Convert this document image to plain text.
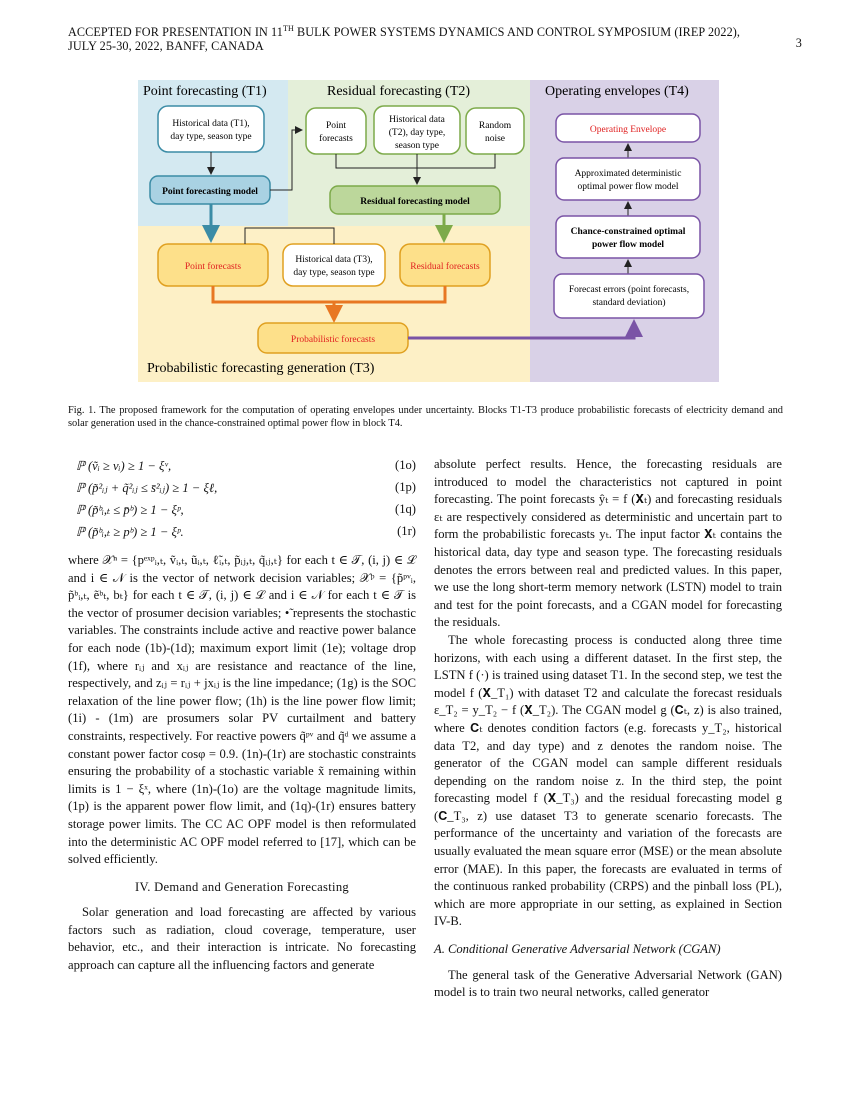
ACCEPTED FOR PRESENTATION IN 11TH BULK POWER SYSTEMS DYNAMICS AND CONTROL SYMPOSIUM (IREP 2022),
JULY 25-30, 2022, BANFF, CANADA	3
Point forecasting (T1)	Residual forecasting (T2)
Probabilistic forecasting generation (T3)
Operating envelopes (T4)
Historical data (T1),
day type, season type
Point forecasting model
Point
forecasts
Historical data
(T2), day type,
season type
Random
noise
Residual forecasting model
Point forecasts
Historical data (T3),
day type, season type
Residual forecasts
Probabilistic forecasts
Operating Envelope
Approximated deterministic
optimal power flow model
Chance-constrained optimal
power flow model
Forecast errors (point forecasts,
standard deviation)
Fig. 1. The proposed framework for the computation of operating envelopes under uncertainty. Blocks T1-T3 produce probabilistic forecasts of electricity demand and solar generation used in the chance-constrained optimal power flow in block T4.
ℙ (ṽᵢ ≥ vᵢ) ≥ 1 − ξᵛ,	(1o)
ℙ (p̃²ᵢⱼ + q̃²ᵢⱼ ≤ s̄²ᵢⱼ) ≥ 1 − ξℓ,	(1p)
ℙ (p̃ᵇᵢ,ₜ ≤ p̄ᵇ) ≥ 1 − ξᵖ,	(1q)
ℙ (p̃ᵇᵢ,ₜ ≥ pᵇ) ≥ 1 − ξᵖ.	(1r)

where 𝒳ⁿ = {pᵉˣᵖᵢ,ₜ, ṽᵢ,ₜ, ũᵢ,ₜ, ℓ̃ᵢ,ₜ, p̃ᵢⱼ,ₜ, q̃ᵢⱼ,ₜ} for each t ∈ 𝒯, (i, j) ∈ ℒ and i ∈ 𝒩 is the vector of network decision variables; 𝒳ᵖ = {p̃ᵖᵛᵢ, p̃ᵇᵢ,ₜ, ẽᵇₜ, bₜ} for each t ∈ 𝒯, (i, j) ∈ ℒ and i ∈ 𝒩 for each t ∈ 𝒯 is the vector of prosumer decision variables; •̃ represents the stochastic variables. The constraints include active and reactive power balance for each node (1b)-(1d); maximum export limit (1e); voltage drop (1f), where rᵢⱼ and xᵢⱼ are resistance and reactance of the line, respectively, and zᵢⱼ = rᵢⱼ + jxᵢⱼ is the line impedance; (1g) is the SOC relaxation of the line power flow; (1h) is the line power flow limit; (1i) - (1m) are prosumers solar PV curtailment and battery constraints, respectively. For reactive powers q̃ᵖᵛ and q̃ᵈ we assume a constant power factor cosφ = 0.9. (1n)-(1r) are stochastic constraints ensuring the probability of a stochastic variable x̃ remaining within limits is 1 − ξˣ, where (1n)-(1o) are the voltage magnitude limits, (1p) is the apparent power flow limit, and (1q)-(1r) ensures battery storage power limits. The CC AC OPF model is then reformulated into the deterministic AC OPF model referred to [17], which can be solved efficiently.

IV. Demand and Generation Forecasting

Solar generation and load forecasting are affected by various factors such as radiation, cloud coverage, temperature, user behavior, etc., and their interaction is intricate. No forecasting approach can capture all the influencing factors and generate

absolute perfect results. Hence, the forecasting residuals are introduced to model the characteristics not captured in point forecasting. The point forecasts ŷₜ = f (𝐗ₜ) and forecasting residuals εₜ are respectively considered as deterministic and uncertain part to form the probabilistic forecasts yₜ. The input factor 𝐗ₜ contains the historical data, day type and season type. The forecasting residuals denotes the errors between real and predicted values. In this paper, we use the long short-term memory network (LSTN) model to train and test for the point forecasts, and a CGAN model for forecasting the residuals.

The whole forecasting process is conducted along three time horizons, with each using a different dataset. In the first step, the LSTN f (·) is trained using dataset T1. In the second step, we test the model f (𝐗_T₁) with dataset T2 and calculate the forecast residuals ε_T₂ = y_T₂ − f (𝐗_T₂). The CGAN model g (𝐂ₜ, z) is also trained, where 𝐂ₜ denotes condition factors (e.g. forecasts y_T₂, historical data T2, and day type) and z denotes the random noise. The generator of the CGAN model can sample different residuals depending on the random noise z. In the third step, the point forecasting model f (𝐗_T₃) and the residual forecasting model g (𝐂_T₃, z) use dataset T3 to generate scenario forecasts. The performance of the uncertainty and variation of the forecasts are usually evaluated the mean square error (MSE) or the mean absolute error (MAE). In this paper, the forecasts are evaluated in terms of the continuous ranked probability (CRPS) and the pinball loss (PL), which are more appropriate in our setting, as explained in Section IV-B.

A. Conditional Generative Adversarial Network (CGAN)

The general task of the Generative Adversarial Network (GAN) model is to train two neural networks, called generator
